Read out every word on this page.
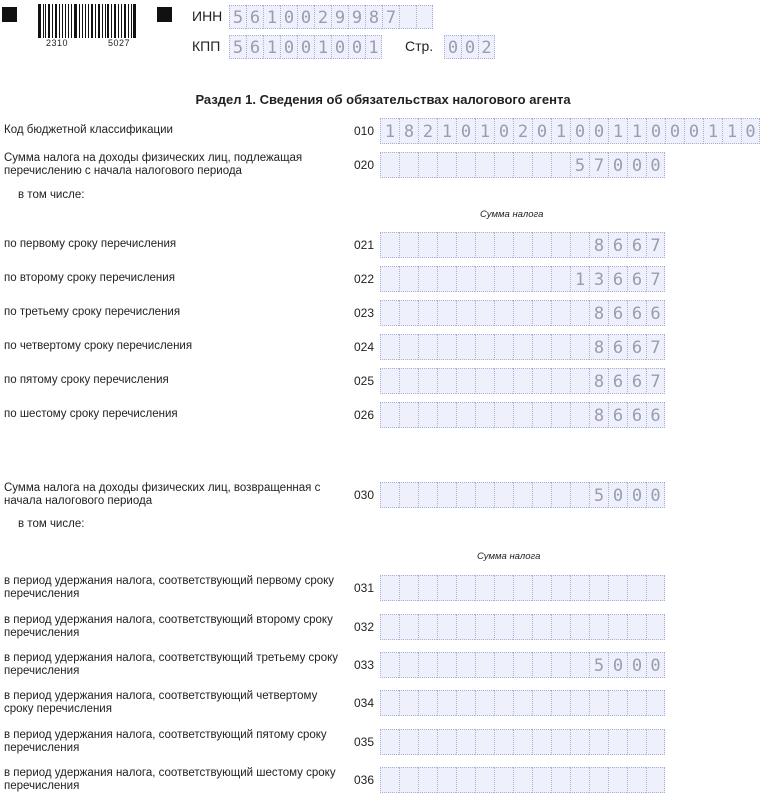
2310	5027
ИНН 5 6 1 0 0 2 9 9 8 7
КПП 5 6 1 0 0 1 0 0 1 Стр. 0 0 2
Раздел 1. Сведения об обязательствах налогового агента
Код бюджетной классификации	010 1 8 2 1 0 1 0 2 0 1 0 0 1 1 0 0 0 1 1 0
Сумма налога на доходы физических лиц, подлежащая перечислению с начала налогового периода	020	5 7 0 0 0
по первому сроку перечисления	021	8 6 6 7
по второму сроку перечисления	022	1 3 6 6 7
по третьему сроку перечисления	023	8 6 6 6
по четвертому сроку перечисления	024	8 6 6 7
по пятому сроку перечисления	025	8 6 6 7
по шестому сроку перечисления	026	8 6 6 6
Сумма налога на доходы физических лиц, возвращенная с начала налогового периода	030	5 0 0 0
в период удержания налога, соответствующий первому сроку перечисления	031
в период удержания налога, соответствующий второму сроку перечисления	032
в период удержания налога, соответствующий третьему сроку перечисления	033	5 0 0 0
в период удержания налога, соответствующий четвертому сроку перечисления	034
в период удержания налога, соответствующий пятому сроку перечисления	035
в период удержания налога, соответствующий шестому сроку перечисления	036
в том числе:
Сумма налога
в том числе:
Сумма налога
